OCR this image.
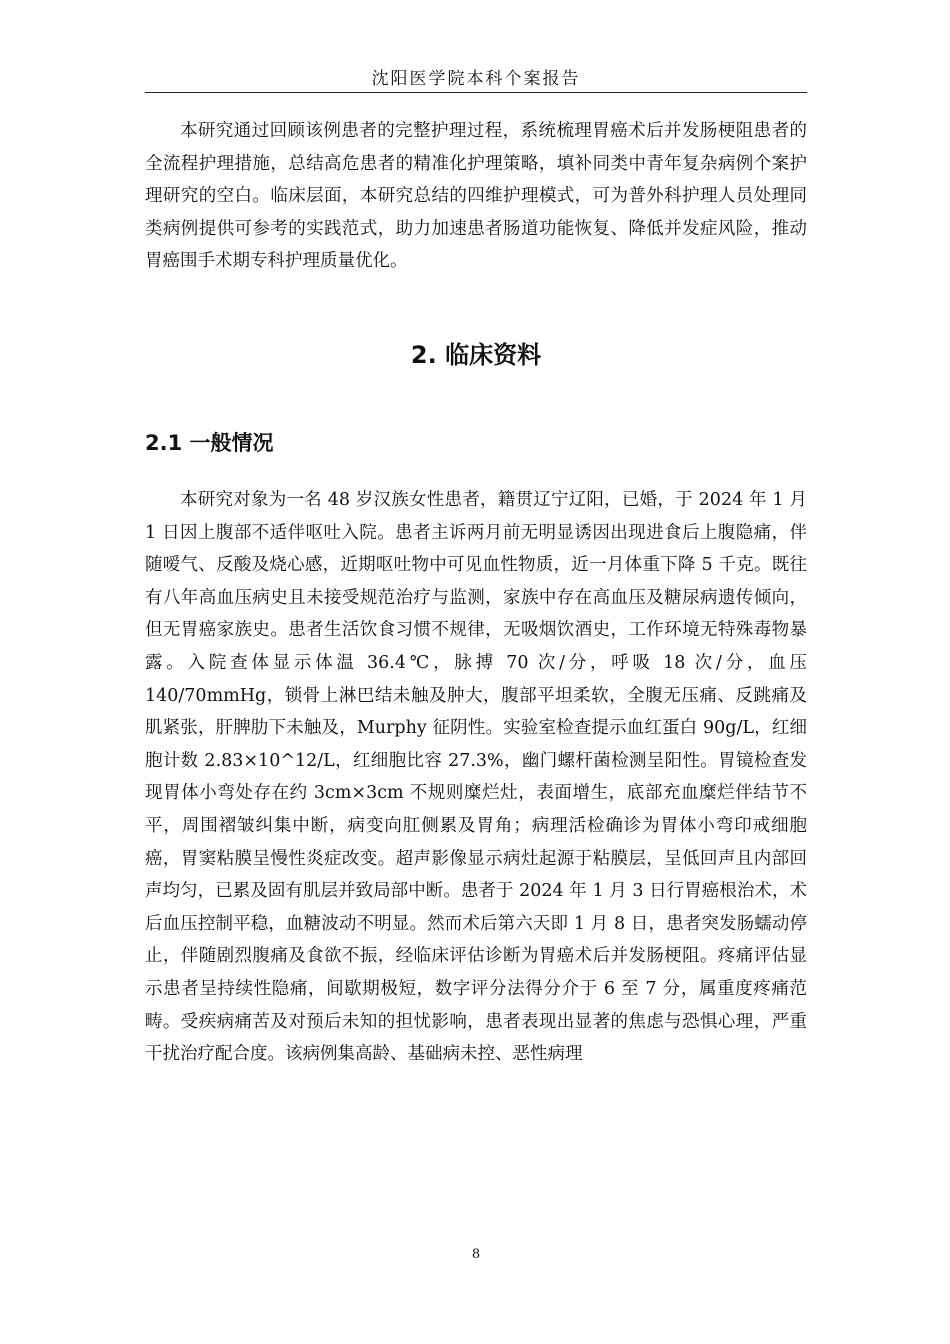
沈阳医学院本科个案报告

本研究通过回顾该例患者的完整护理过程，系统梳理胃癌术后并发肠梗阻患者的全流程护理措施，总结高危患者的精准化护理策略，填补同类中青年复杂病例个案护理研究的空白。临床层面，本研究总结的四维护理模式，可为普外科护理人员处理同类病例提供可参考的实践范式，助力加速患者肠道功能恢复、降低并发症风险，推动胃癌围手术期专科护理质量优化。

2. 临床资料
2.1 一般情况

本研究对象为一名 48 岁汉族女性患者，籍贯辽宁辽阳，已婚，于 2024 年 1 月 1 日因上腹部不适伴呕吐入院。患者主诉两月前无明显诱因出现进食后上腹隐痛，伴随嗳气、反酸及烧心感，近期呕吐物中可见血性物质，近一月体重下降 5 千克。既往有八年高血压病史且未接受规范治疗与监测，家族中存在高血压及糖尿病遗传倾向，但无胃癌家族史。患者生活饮食习惯不规律，无吸烟饮酒史，工作环境无特殊毒物暴露。入院查体显示体温 36.4℃，脉搏 70 次/分，呼吸 18 次/分，血压 140/70mmHg，锁骨上淋巴结未触及肿大，腹部平坦柔软，全腹无压痛、反跳痛及肌紧张，肝脾肋下未触及，Murphy 征阴性。实验室检查提示血红蛋白 90g/L，红细胞计数 2.83×10^12/L，红细胞比容 27.3%，幽门螺杆菌检测呈阳性。胃镜检查发现胃体小弯处存在约 3cm×3cm 不规则糜烂灶，表面增生，底部充血糜烂伴结节不平，周围褶皱纠集中断，病变向肛侧累及胃角；病理活检确诊为胃体小弯印戒细胞癌，胃窦粘膜呈慢性炎症改变。超声影像显示病灶起源于粘膜层，呈低回声且内部回声均匀，已累及固有肌层并致局部中断。患者于 2024 年 1 月 3 日行胃癌根治术，术后血压控制平稳，血糖波动不明显。然而术后第六天即 1 月 8 日，患者突发肠蠕动停止，伴随剧烈腹痛及食欲不振，经临床评估诊断为胃癌术后并发肠梗阻。疼痛评估显示患者呈持续性隐痛，间歇期极短，数字评分法得分介于 6 至 7 分，属重度疼痛范畴。受疾病痛苦及对预后未知的担忧影响，患者表现出显著的焦虑与恐惧心理，严重干扰治疗配合度。该病例集高龄、基础病未控、恶性病理

8
